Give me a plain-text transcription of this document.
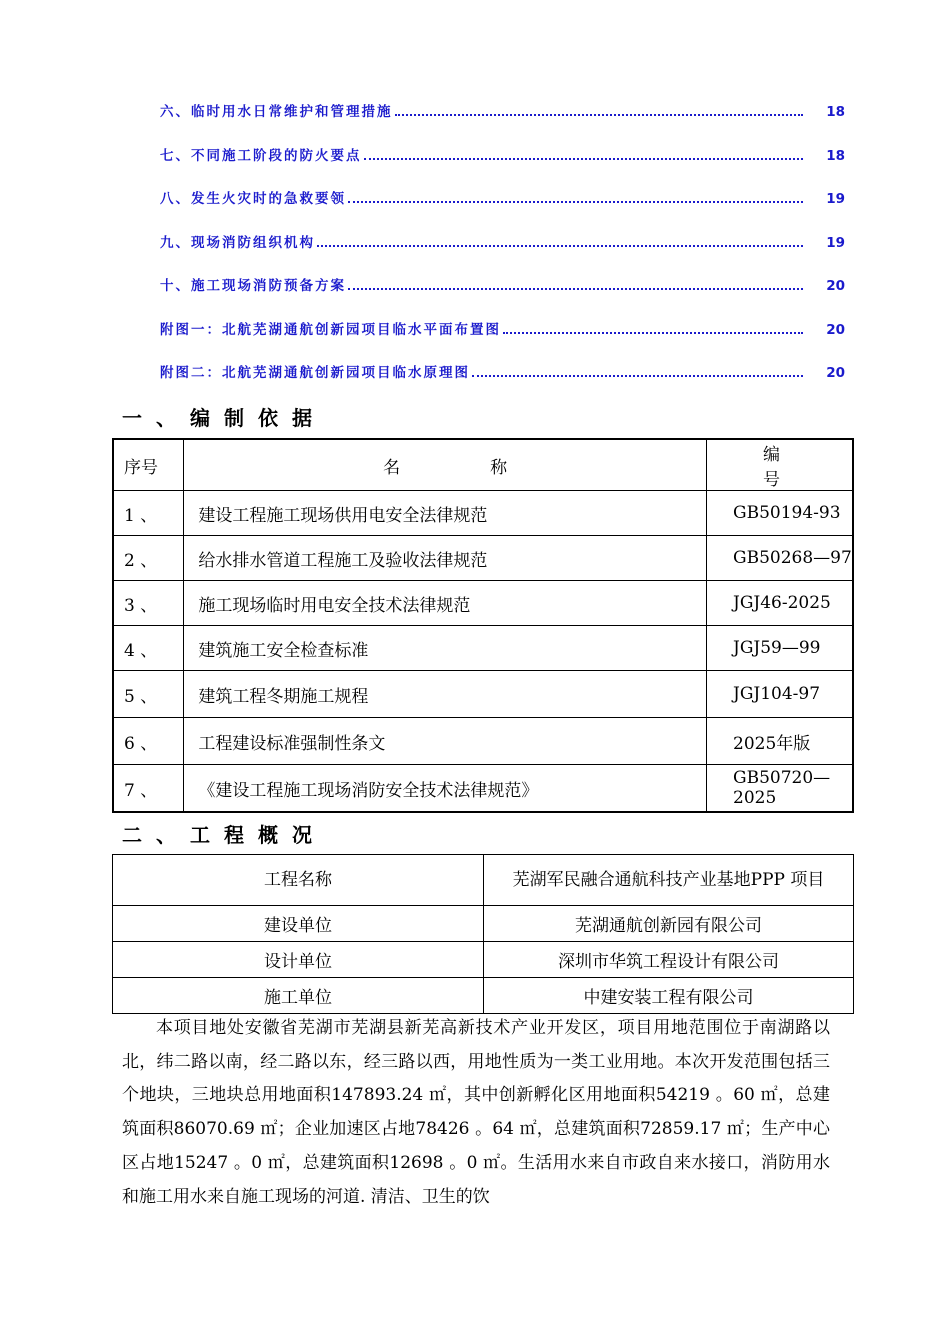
六、临时用水日常维护和管理措施	18
七、不同施工阶段的防火要点	18
八、发生火灾时的急救要领	19
九、现场消防组织机构	19
十、施工现场消防预备方案	20
附图一：北航芜湖通航创新园项目临水平面布置图	20
附图二：北航芜湖通航创新园项目临水原理图	20
一、编制依据
序号	名称	编号
1 、	建设工程施工现场供用电安全法律规范	GB50194-93
2 、	给水排水管道工程施工及验收法律规范	GB50268—97
3 、	施工现场临时用电安全技术法律规范	JGJ46-2025
4 、	建筑施工安全检查标准	JGJ59—99
5 、	建筑工程冬期施工规程	JGJ104-97
6 、	工程建设标准强制性条文	2025年版
7 、	《建设工程施工现场消防安全技术法律规范》	GB50720—2025
二、工程概况
工程名称	芜湖军民融合通航科技产业基地PPP 项目
建设单位	芜湖通航创新园有限公司
设计单位	深圳市华筑工程设计有限公司
施工单位	中建安装工程有限公司

本项目地处安徽省芜湖市芜湖县新芜高新技术产业开发区，项目用地范围位于南湖路以北，纬二路以南，经二路以东，经三路以西，用地性质为一类工业用地。本次开发范围包括三个地块，三地块总用地面积147893.24 ㎡，其中创新孵化区用地面积54219 。60 ㎡，总建筑面积86070.69 ㎡；企业加速区占地78426 。64 ㎡，总建筑面积72859.17 ㎡；生产中心区占地15247 。0 ㎡，总建筑面积12698 。0 ㎡。生活用水来自市政自来水接口，消防用水和施工用水来自施工现场的河道. 清洁、卫生的饮
